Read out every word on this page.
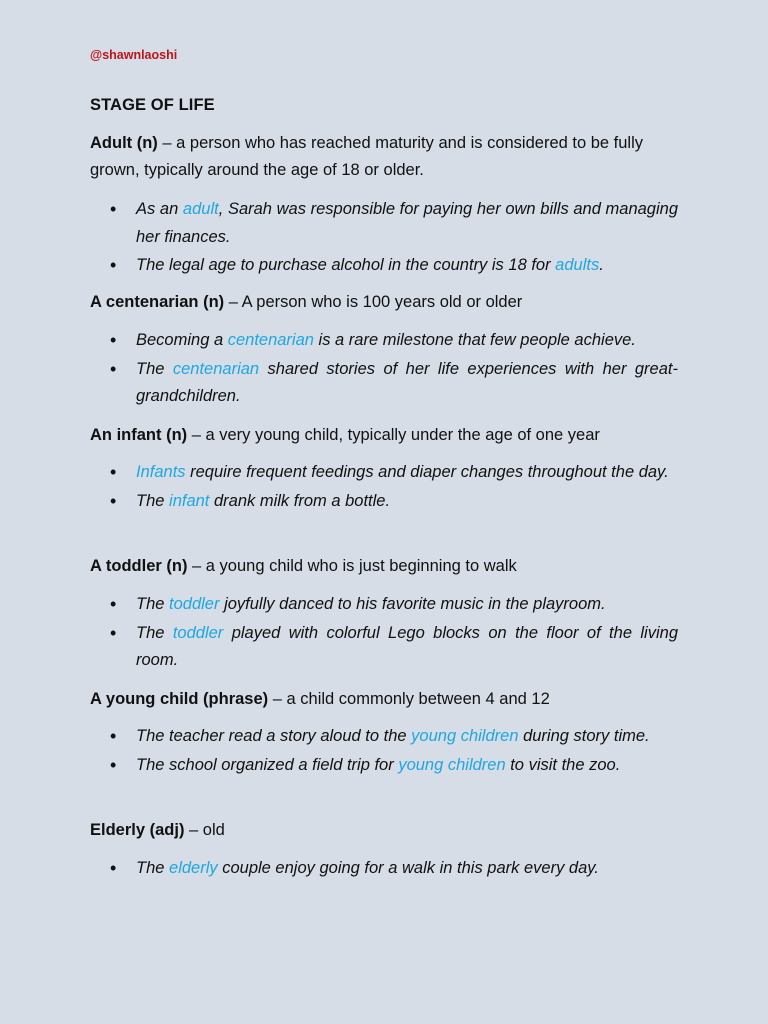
@shawnlaoshi
STAGE OF LIFE
Adult (n) – a person who has reached maturity and is considered to be fully grown, typically around the age of 18 or older.
• As an adult, Sarah was responsible for paying her own bills and managing her finances.
• The legal age to purchase alcohol in the country is 18 for adults.
A centenarian (n) – A person who is 100 years old or older
• Becoming a centenarian is a rare milestone that few people achieve.
• The centenarian shared stories of her life experiences with her great-grandchildren.
An infant (n) – a very young child, typically under the age of one year
• Infants require frequent feedings and diaper changes throughout the day.
• The infant drank milk from a bottle.
A toddler (n) – a young child who is just beginning to walk
• The toddler joyfully danced to his favorite music in the playroom.
• The toddler played with colorful Lego blocks on the floor of the living room.
A young child (phrase) – a child commonly between 4 and 12
• The teacher read a story aloud to the young children during story time.
• The school organized a field trip for young children to visit the zoo.
Elderly (adj) – old
• The elderly couple enjoy going for a walk in this park every day.
